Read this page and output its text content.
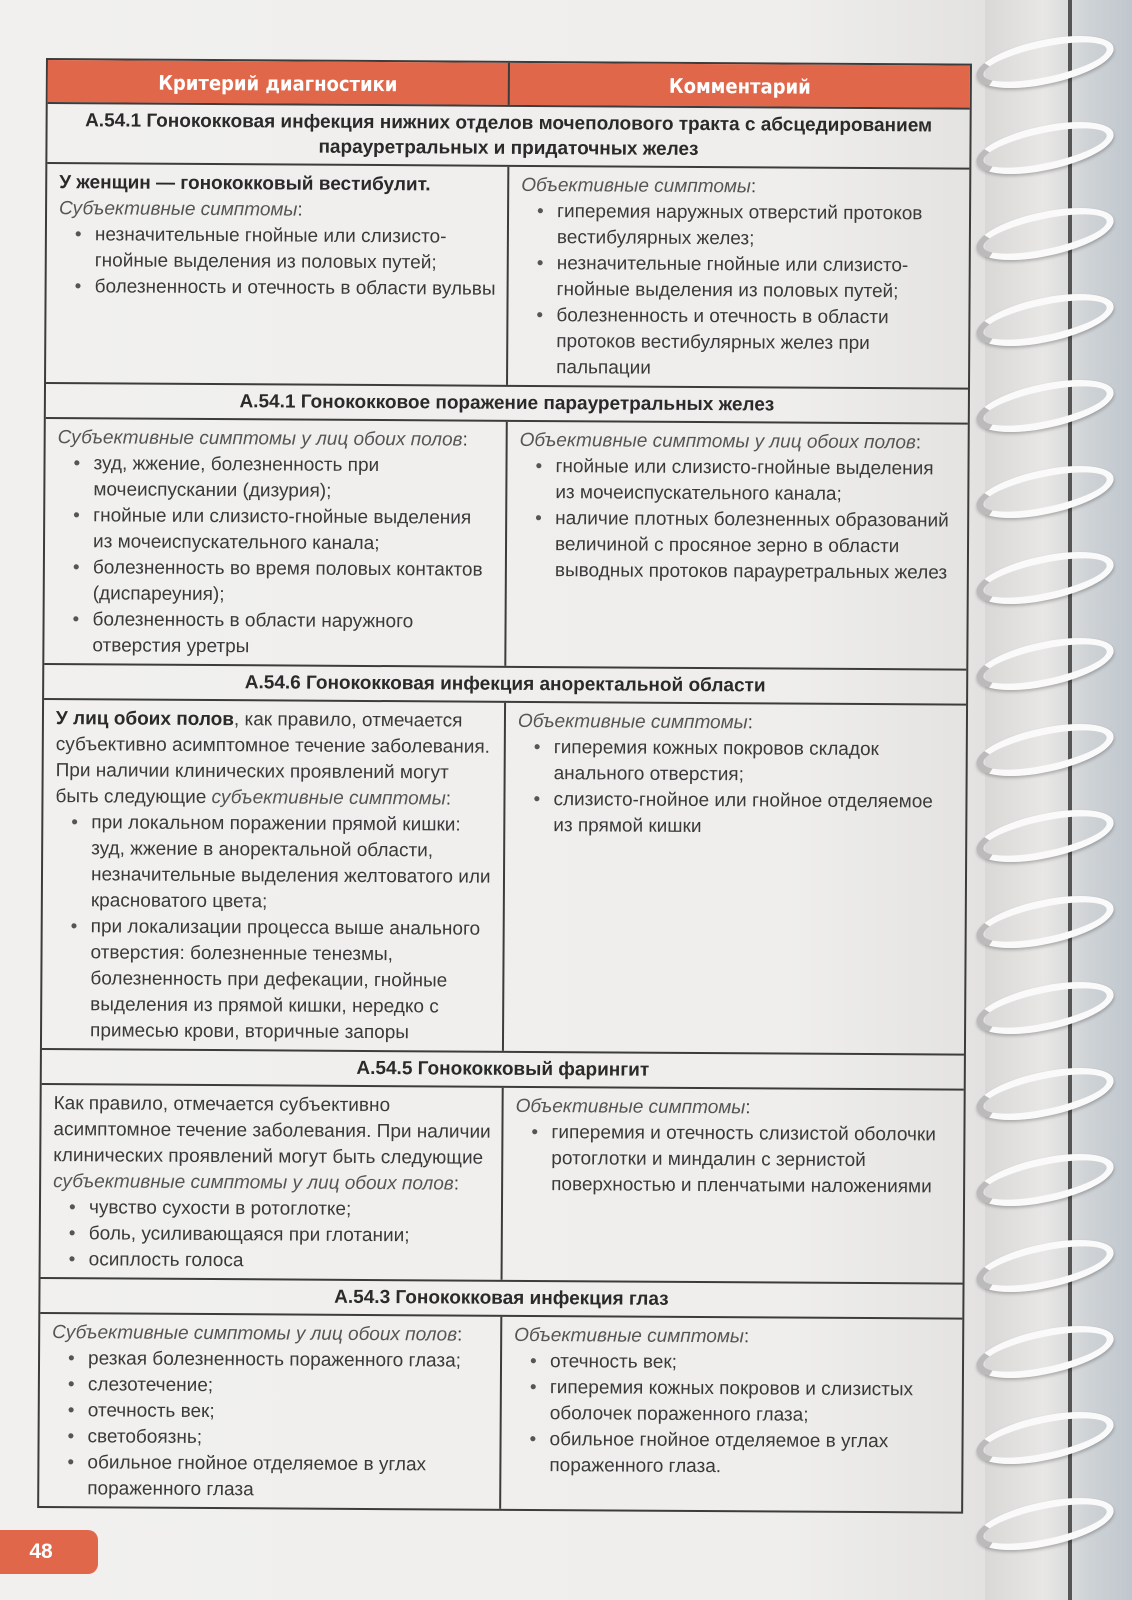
Критерий диагностики	Комментарий
А.54.1 Гонококковая инфекция нижних отделов мочеполового тракта с абсцедированием парауретральных и придаточных желез
У женщин — гонококковый вестибулит.
Субъективные симптомы:
• незначительные гнойные или слизисто-гнойные выделения из половых путей;
• болезненность и отечность в области вульвы
Объективные симптомы:
• гиперемия наружных отверстий протоков вестибулярных желез;
• незначительные гнойные или слизисто-гнойные выделения из половых путей;
• болезненность и отечность в области протоков вестибулярных желез при пальпации
А.54.1 Гонококковое поражение парауретральных желез
Субъективные симптомы у лиц обоих полов:
• зуд, жжение, болезненность при мочеиспускании (дизурия);
• гнойные или слизисто-гнойные выделения из мочеиспускательного канала;
• болезненность во время половых контактов (диспареуния);
• болезненность в области наружного отверстия уретры
Объективные симптомы у лиц обоих полов:
• гнойные или слизисто-гнойные выделения из мочеиспускательного канала;
• наличие плотных болезненных образований величиной с просяное зерно в области выводных протоков парауретральных желез
А.54.6 Гонококковая инфекция аноректальной области
У лиц обоих полов, как правило, отмечается субъективно асимптомное течение заболевания. При наличии клинических проявлений могут быть следующие субъективные симптомы:
• при локальном поражении прямой кишки: зуд, жжение в аноректальной области, незначительные выделения желтоватого или красноватого цвета;
• при локализации процесса выше анального отверстия: болезненные тенезмы, болезненность при дефекации, гнойные выделения из прямой кишки, нередко с примесью крови, вторичные запоры
Объективные симптомы:
• гиперемия кожных покровов складок анального отверстия;
• слизисто-гнойное или гнойное отделяемое из прямой кишки
А.54.5 Гонококковый фарингит
Как правило, отмечается субъективно асимптомное течение заболевания. При наличии клинических проявлений могут быть следующие субъективные симптомы у лиц обоих полов:
• чувство сухости в ротоглотке;
• боль, усиливающаяся при глотании;
• осиплость голоса
Объективные симптомы:
• гиперемия и отечность слизистой оболочки ротоглотки и миндалин с зернистой поверхностью и пленчатыми наложениями
А.54.3 Гонококковая инфекция глаз
Субъективные симптомы у лиц обоих полов:
• резкая болезненность пораженного глаза;
• слезотечение;
• отечность век;
• светобоязнь;
• обильное гнойное отделяемое в углах пораженного глаза
Объективные симптомы:
• отечность век;
• гиперемия кожных покровов и слизистых оболочек пораженного глаза;
• обильное гнойное отделяемое в углах пораженного глаза.
48
